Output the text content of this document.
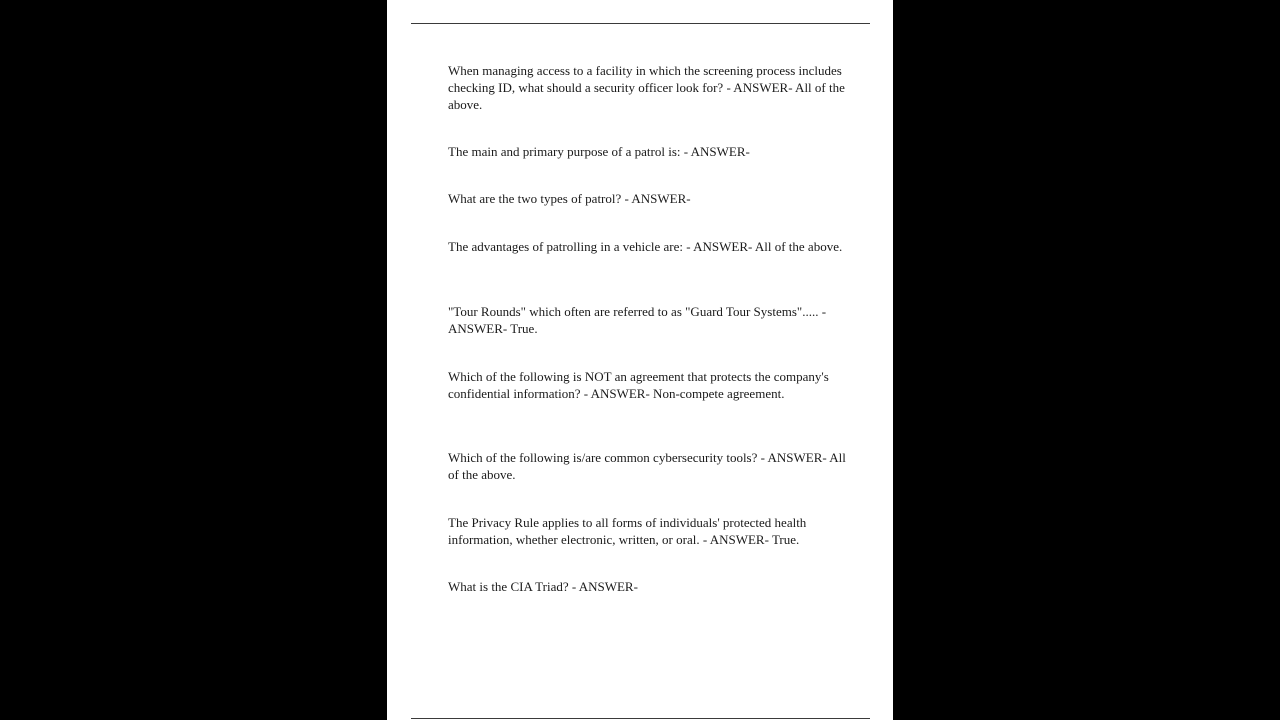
When managing access to a facility in which the screening process includes checking ID, what should a security officer look for? - ANSWER- All of the above.

The main and primary purpose of a patrol is: - ANSWER-

What are the two types of patrol? - ANSWER-

The advantages of patrolling in a vehicle are: - ANSWER- All of the above.

"Tour Rounds" which often are referred to as "Guard Tour Systems"..... - ANSWER- True.

Which of the following is NOT an agreement that protects the company's confidential information? - ANSWER- Non-compete agreement.

Which of the following is/are common cybersecurity tools? - ANSWER- All of the above.

The Privacy Rule applies to all forms of individuals' protected health information, whether electronic, written, or oral. - ANSWER- True.

What is the CIA Triad? - ANSWER-
